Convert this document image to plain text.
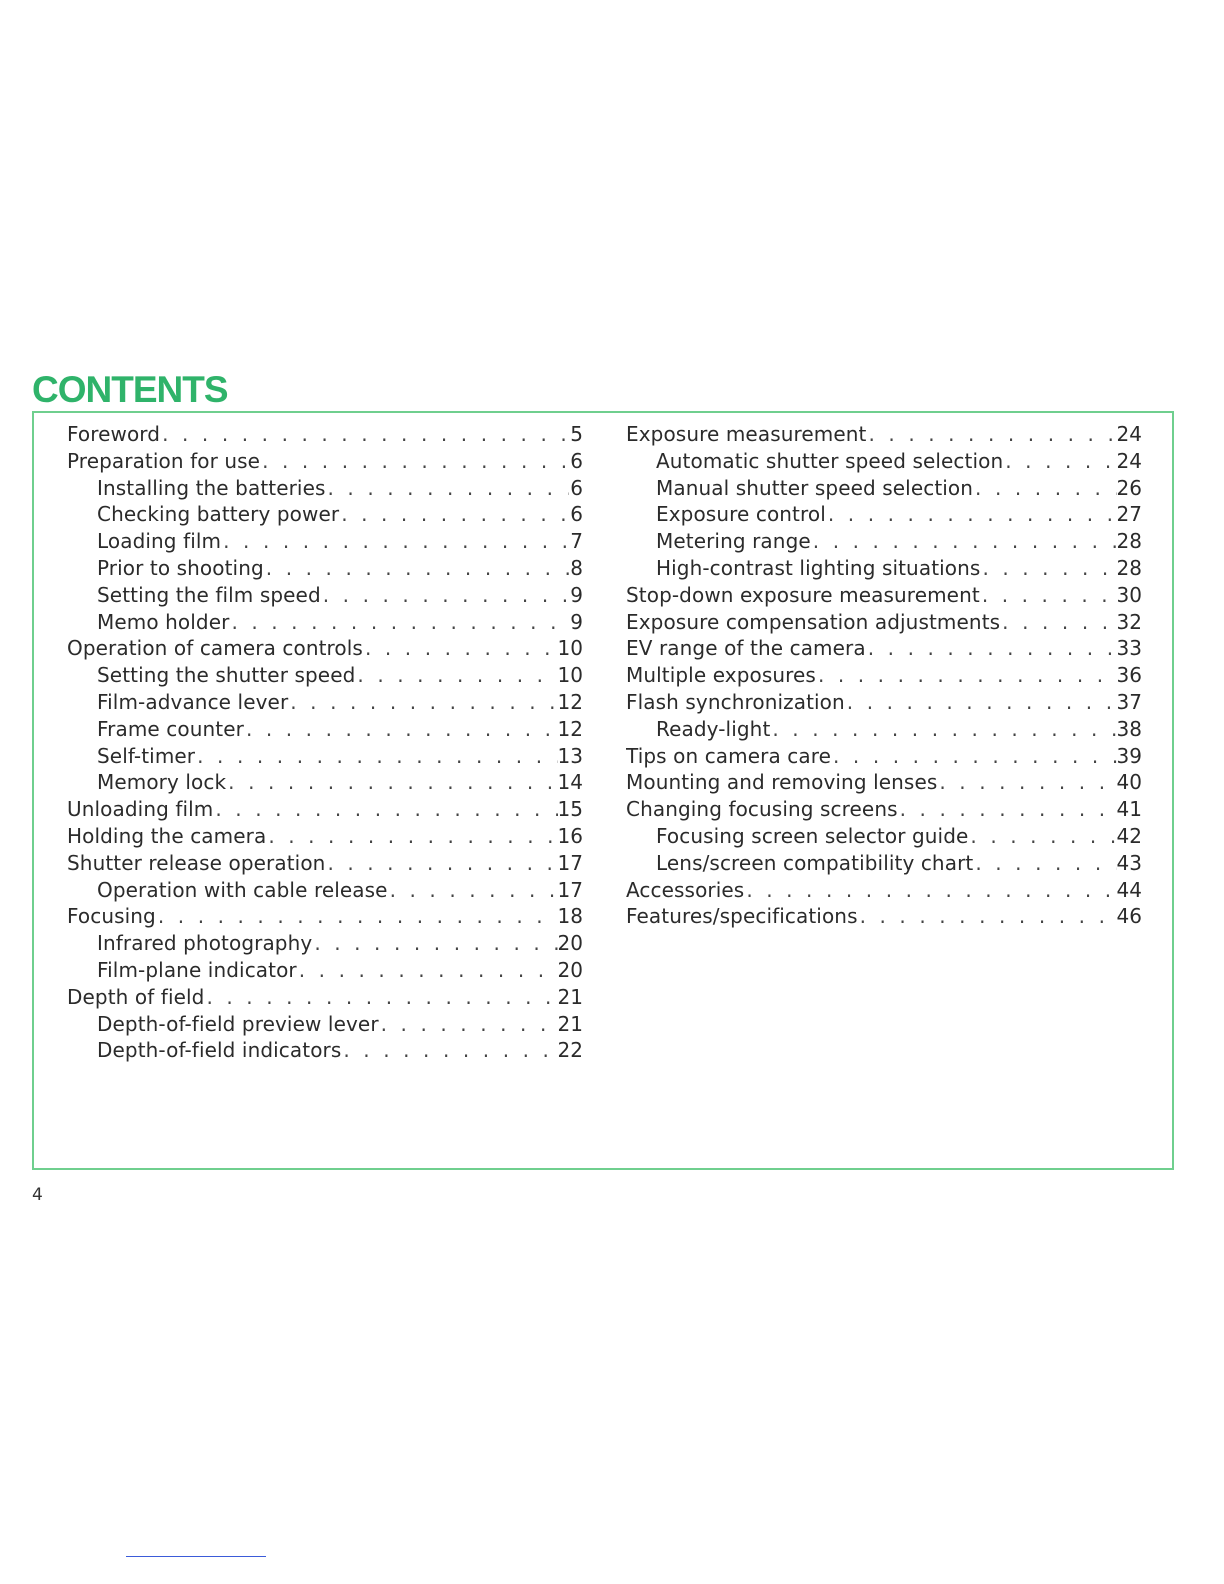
CONTENTS
Foreword . . .	5
Preparation for use . . .	6
Installing the batteries . . .	6
Checking battery power . . .	6
Loading film . . .	7
Prior to shooting . . .	8
Setting the film speed . . .	9
Memo holder . . .	9
Operation of camera controls . . .	10
Setting the shutter speed . . .	10
Film-advance lever . . .	12
Frame counter . . .	12
Self-timer . . .	13
Memory lock . . .	14
Unloading film . . .	15
Holding the camera . . .	16
Shutter release operation . . .	17
Operation with cable release . . .	17
Focusing . . .	18
Infrared photography . . .	20
Film-plane indicator . . .	20
Depth of field . . .	21
Depth-of-field preview lever . . .	21
Depth-of-field indicators . . .	22
Exposure measurement . . .	24
Automatic shutter speed selection . . .	24
Manual shutter speed selection . . .	26
Exposure control . . .	27
Metering range . . .	28
High-contrast lighting situations . . .	28
Stop-down exposure measurement . . .	30
Exposure compensation adjustments . . .	32
EV range of the camera . . .	33
Multiple exposures . . .	36
Flash synchronization . . .	37
Ready-light . . .	38
Tips on camera care . . .	39
Mounting and removing lenses . . .	40
Changing focusing screens . . .	41
Focusing screen selector guide . . .	42
Lens/screen compatibility chart . . .	43
Accessories . . .	44
Features/specifications . . .	46
4
